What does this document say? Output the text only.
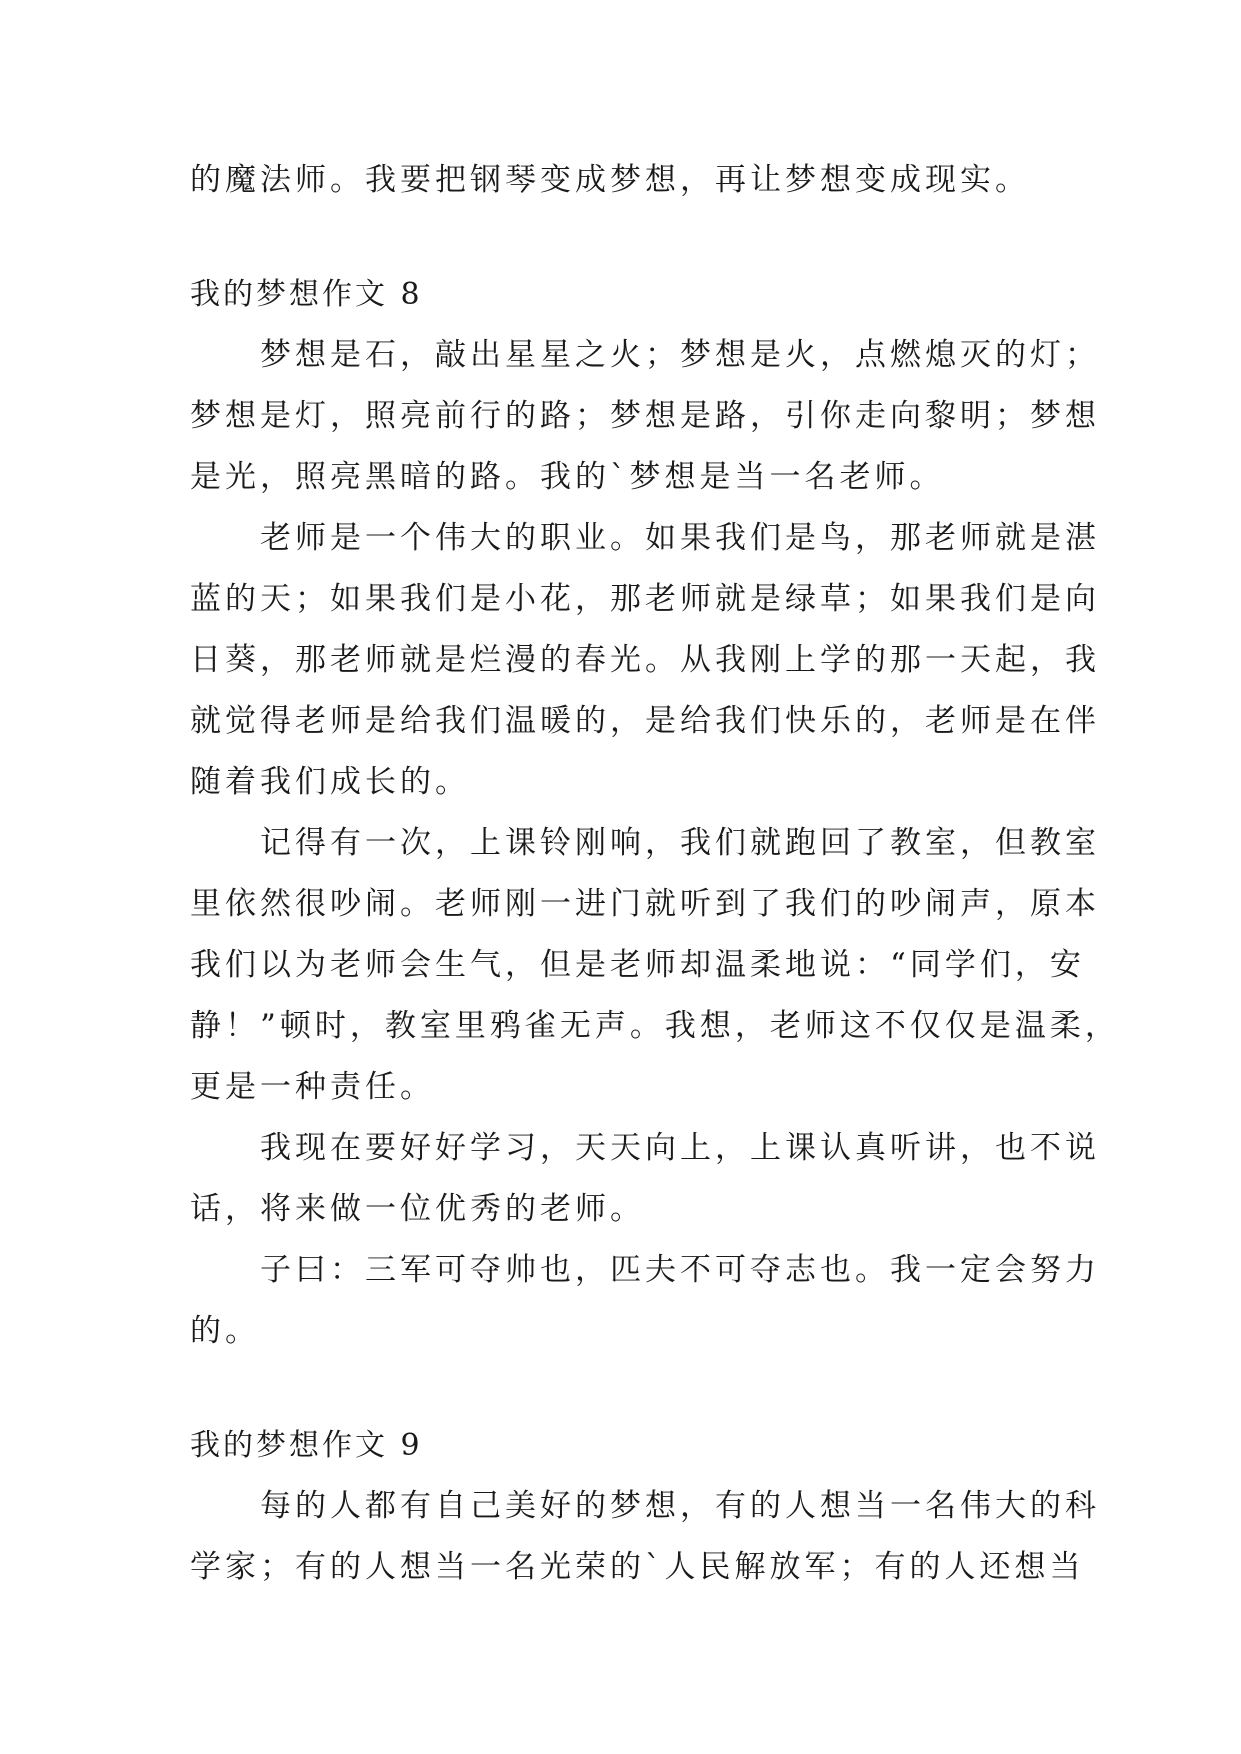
的魔法师。我要把钢琴变成梦想，再让梦想变成现实。
我的梦想作文 8
梦想是石，敲出星星之火；梦想是火，点燃熄灭的灯；
梦想是灯，照亮前行的路；梦想是路，引你走向黎明；梦想
是光，照亮黑暗的路。我的`梦想是当一名老师。
老师是一个伟大的职业。如果我们是鸟，那老师就是湛
蓝的天；如果我们是小花，那老师就是绿草；如果我们是向
日葵，那老师就是烂漫的春光。从我刚上学的那一天起，我
就觉得老师是给我们温暖的，是给我们快乐的，老师是在伴
随着我们成长的。
记得有一次，上课铃刚响，我们就跑回了教室，但教室
里依然很吵闹。老师刚一进门就听到了我们的吵闹声，原本
我们以为老师会生气，但是老师却温柔地说：“同学们，安
静！”顿时，教室里鸦雀无声。我想，老师这不仅仅是温柔，
更是一种责任。
我现在要好好学习，天天向上，上课认真听讲，也不说
话，将来做一位优秀的老师。
子曰：三军可夺帅也，匹夫不可夺志也。我一定会努力
的。
我的梦想作文 9
每的人都有自己美好的梦想，有的人想当一名伟大的科
学家；有的人想当一名光荣的`人民解放军；有的人还想当
